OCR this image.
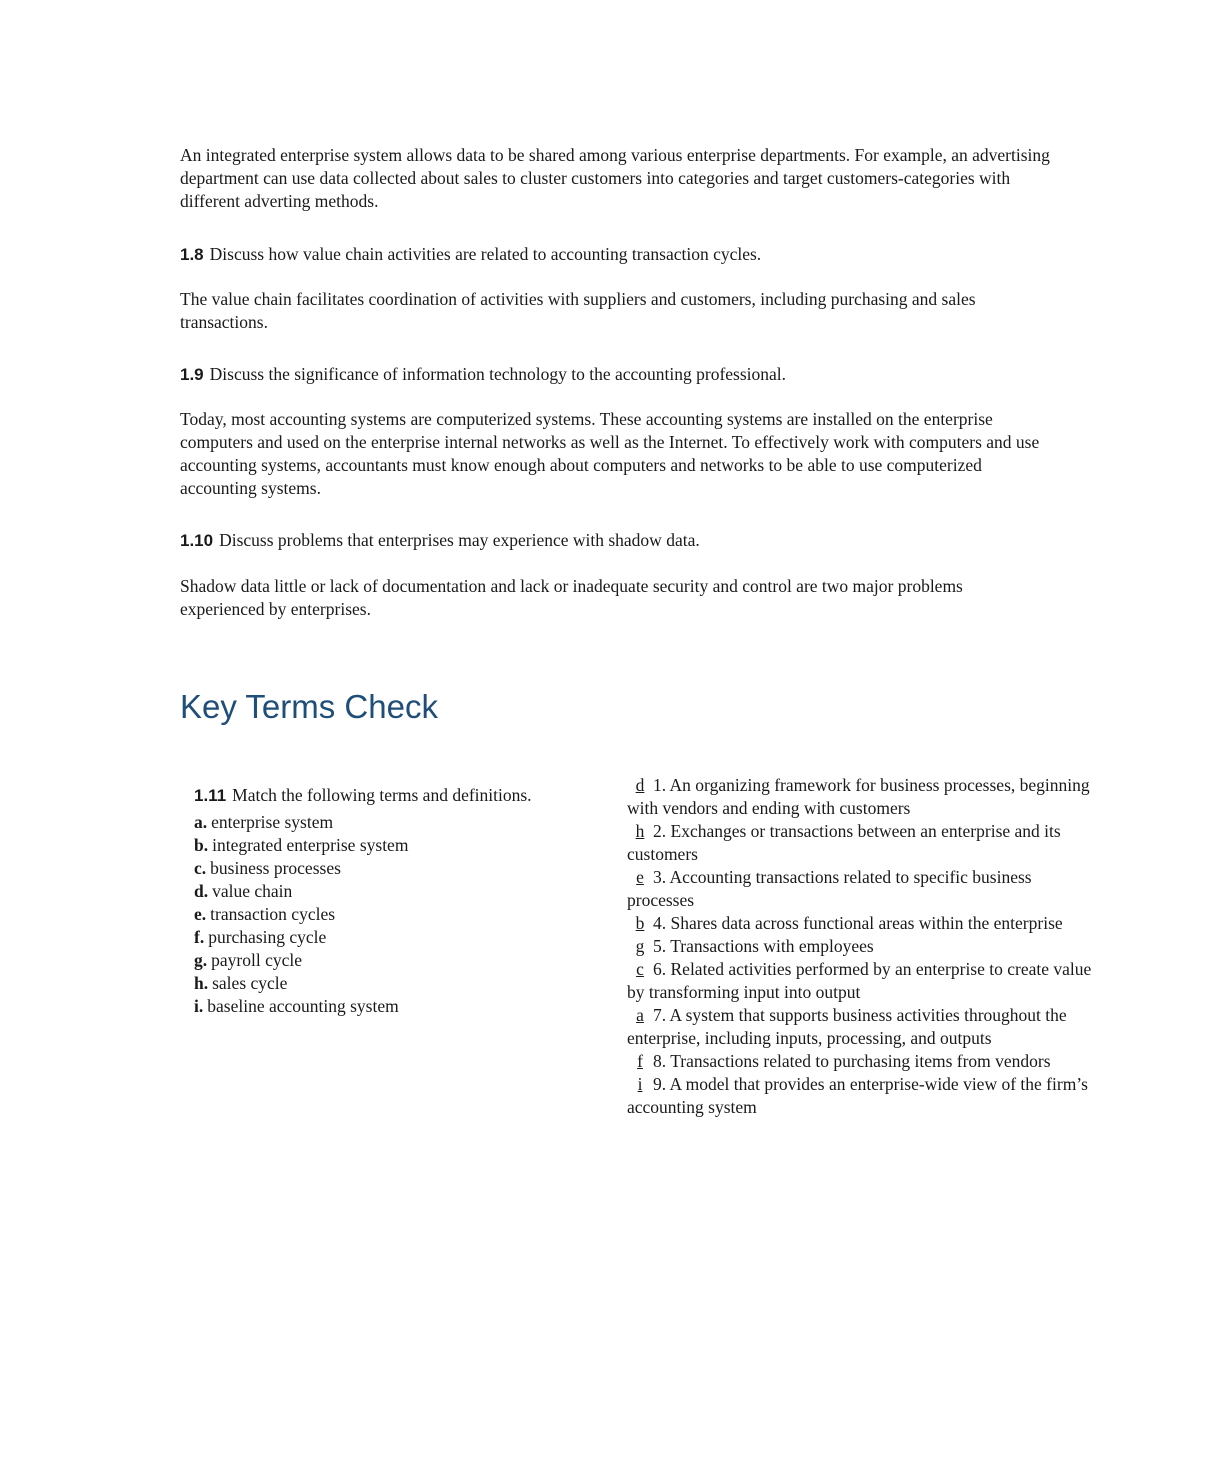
An integrated enterprise system allows data to be shared among various enterprise departments. For example, an advertising department can use data collected about sales to cluster customers into categories and target customers-categories with different adverting methods.

1.8 Discuss how value chain activities are related to accounting transaction cycles.

The value chain facilitates coordination of activities with suppliers and customers, including purchasing and sales transactions.

1.9 Discuss the significance of information technology to the accounting professional.

Today, most accounting systems are computerized systems. These accounting systems are installed on the enterprise computers and used on the enterprise internal networks as well as the Internet. To effectively work with computers and use accounting systems, accountants must know enough about computers and networks to be able to use computerized accounting systems.

1.10 Discuss problems that enterprises may experience with shadow data.

Shadow data little or lack of documentation and lack or inadequate security and control are two major problems experienced by enterprises.

Key Terms Check

1.11 Match the following terms and definitions.

a. enterprise system

b. integrated enterprise system

c. business processes

d. value chain

e. transaction cycles

f. purchasing cycle

g. payroll cycle

h. sales cycle

i. baseline accounting system

d 1. An organizing framework for business processes, beginning with vendors and ending with customers

h 2. Exchanges or transactions between an enterprise and its customers

e 3. Accounting transactions related to specific business processes

b 4. Shares data across functional areas within the enterprise

g 5. Transactions with employees

c 6. Related activities performed by an enterprise to create value by transforming input into output

a 7. A system that supports business activities throughout the enterprise, including inputs, processing, and outputs

f 8. Transactions related to purchasing items from vendors

i 9. A model that provides an enterprise-wide view of the firm’s accounting system
